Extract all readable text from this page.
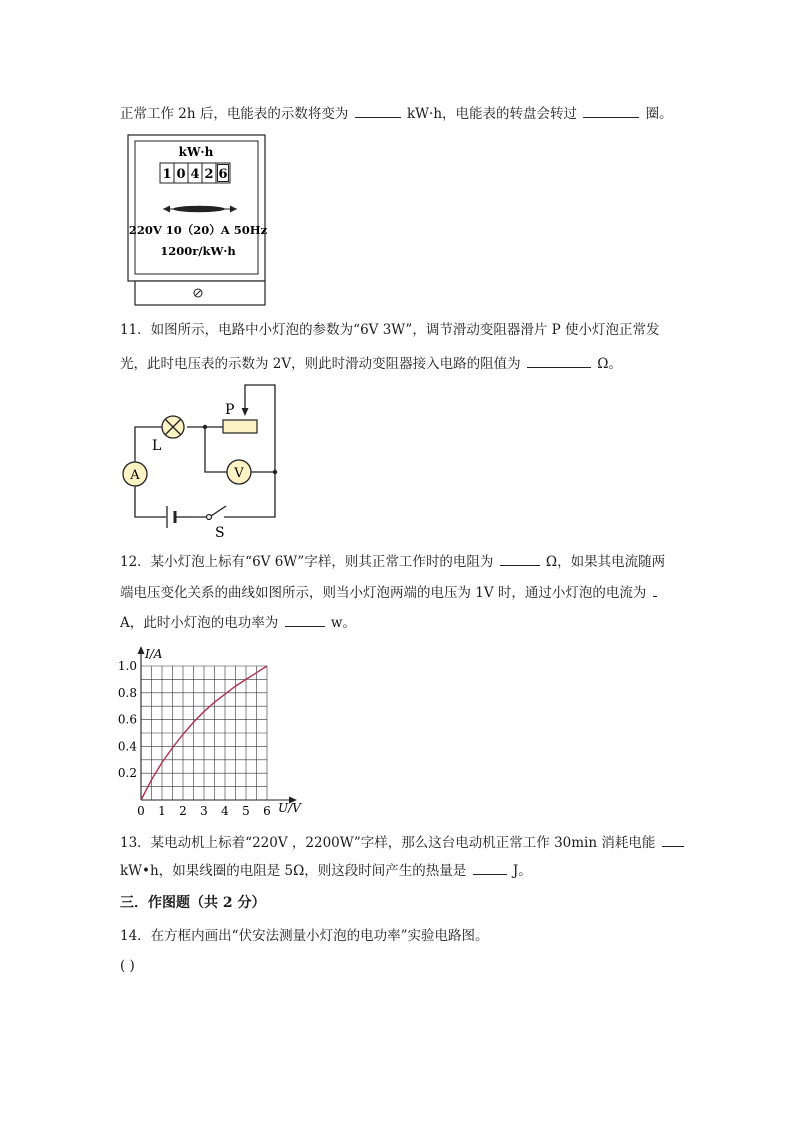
正常工作 2h 后，电能表的示数将变为	kW·h，电能表的转盘会转过	圈。
kW·h
1 0 4 2 6
220V 10（20）A 50Hz
1200r/kW·h
11．如图所示，电路中小灯泡的参数为“6V 3W”，调节滑动变阻器滑片 P 使小灯泡正常发
光，此时电压表的示数为 2V，则此时滑动变阻器接入电路的阻值为	Ω。
P
L
A	V
S
12．某小灯泡上标有“6V 6W”字样，则其正常工作时的电阻为	Ω，如果其电流随两
端电压变化关系的曲线如图所示，则当小灯泡两端的电压为 1V 时，通过小灯泡的电流为
A，此时小灯泡的电功率为	w。
0 1 2 3 4 5 6
0.2
0.4
0.6
0.8
1.0
I/A
U/V
13．某电动机上标着“220V ，2200W”字样，那么这台电动机正常工作 30min 消耗电能
kW•h，如果线圈的电阻是 5Ω，则这段时间产生的热量是	J。
三．作图题（共 2 分）
14．在方框内画出“伏安法测量小灯泡的电功率”实验电路图。
( )
